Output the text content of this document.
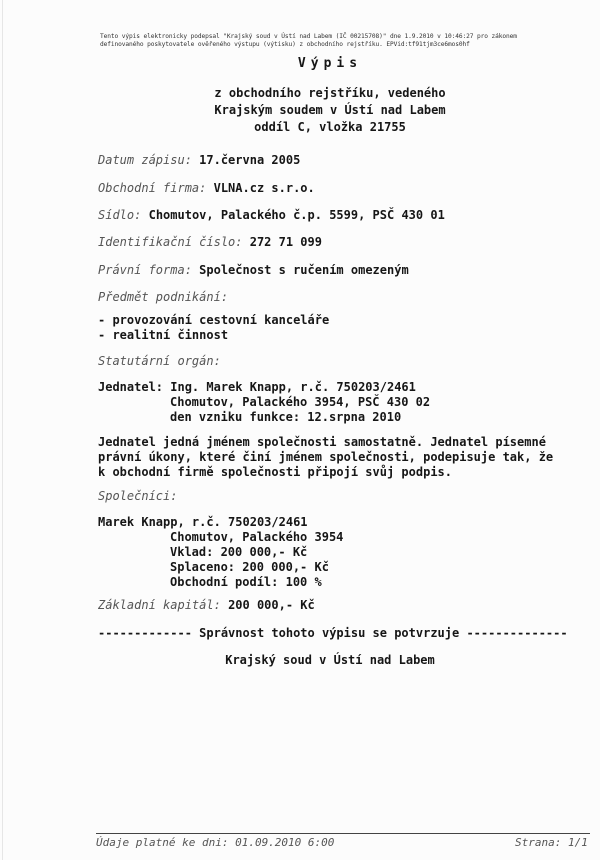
Tento výpis elektronicky podepsal "Krajský soud v Ústí nad Labem (IČ 00215708)" dne 1.9.2010 v 10:46:27 pro zákonem
definovaného poskytovatele ověřeného výstupu (výtisku) z obchodního rejstříku. EPVid:tf91tjm3ce6mos0hf
Výpis
z obchodního rejstříku, vedeného
Krajským soudem v Ústí nad Labem
oddíl C, vložka 21755
Datum zápisu: 17.června 2005
Obchodní firma: VLNA.cz s.r.o.
Sídlo: Chomutov, Palackého č.p. 5599, PSČ 430 01
Identifikační číslo: 272 71 099
Právní forma: Společnost s ručením omezeným
Předmět podnikání:
- provozování cestovní kanceláře
- realitní činnost
Statutární orgán:
Jednatel: Ing. Marek Knapp, r.č. 750203/2461
Chomutov, Palackého 3954, PSČ 430 02
den vzniku funkce: 12.srpna 2010
Jednatel jedná jménem společnosti samostatně. Jednatel písemné
právní úkony, které činí jménem společnosti, podepisuje tak, že
k obchodní firmě společnosti připojí svůj podpis.
Společníci:
Marek Knapp, r.č. 750203/2461
Chomutov, Palackého 3954
Vklad: 200 000,- Kč
Splaceno: 200 000,- Kč
Obchodní podíl: 100 %
Základní kapitál: 200 000,- Kč
------------- Správnost tohoto výpisu se potvrzuje --------------
Krajský soud v Ústí nad Labem
Údaje platné ke dni: 01.09.2010 6:00	Strana: 1/1
